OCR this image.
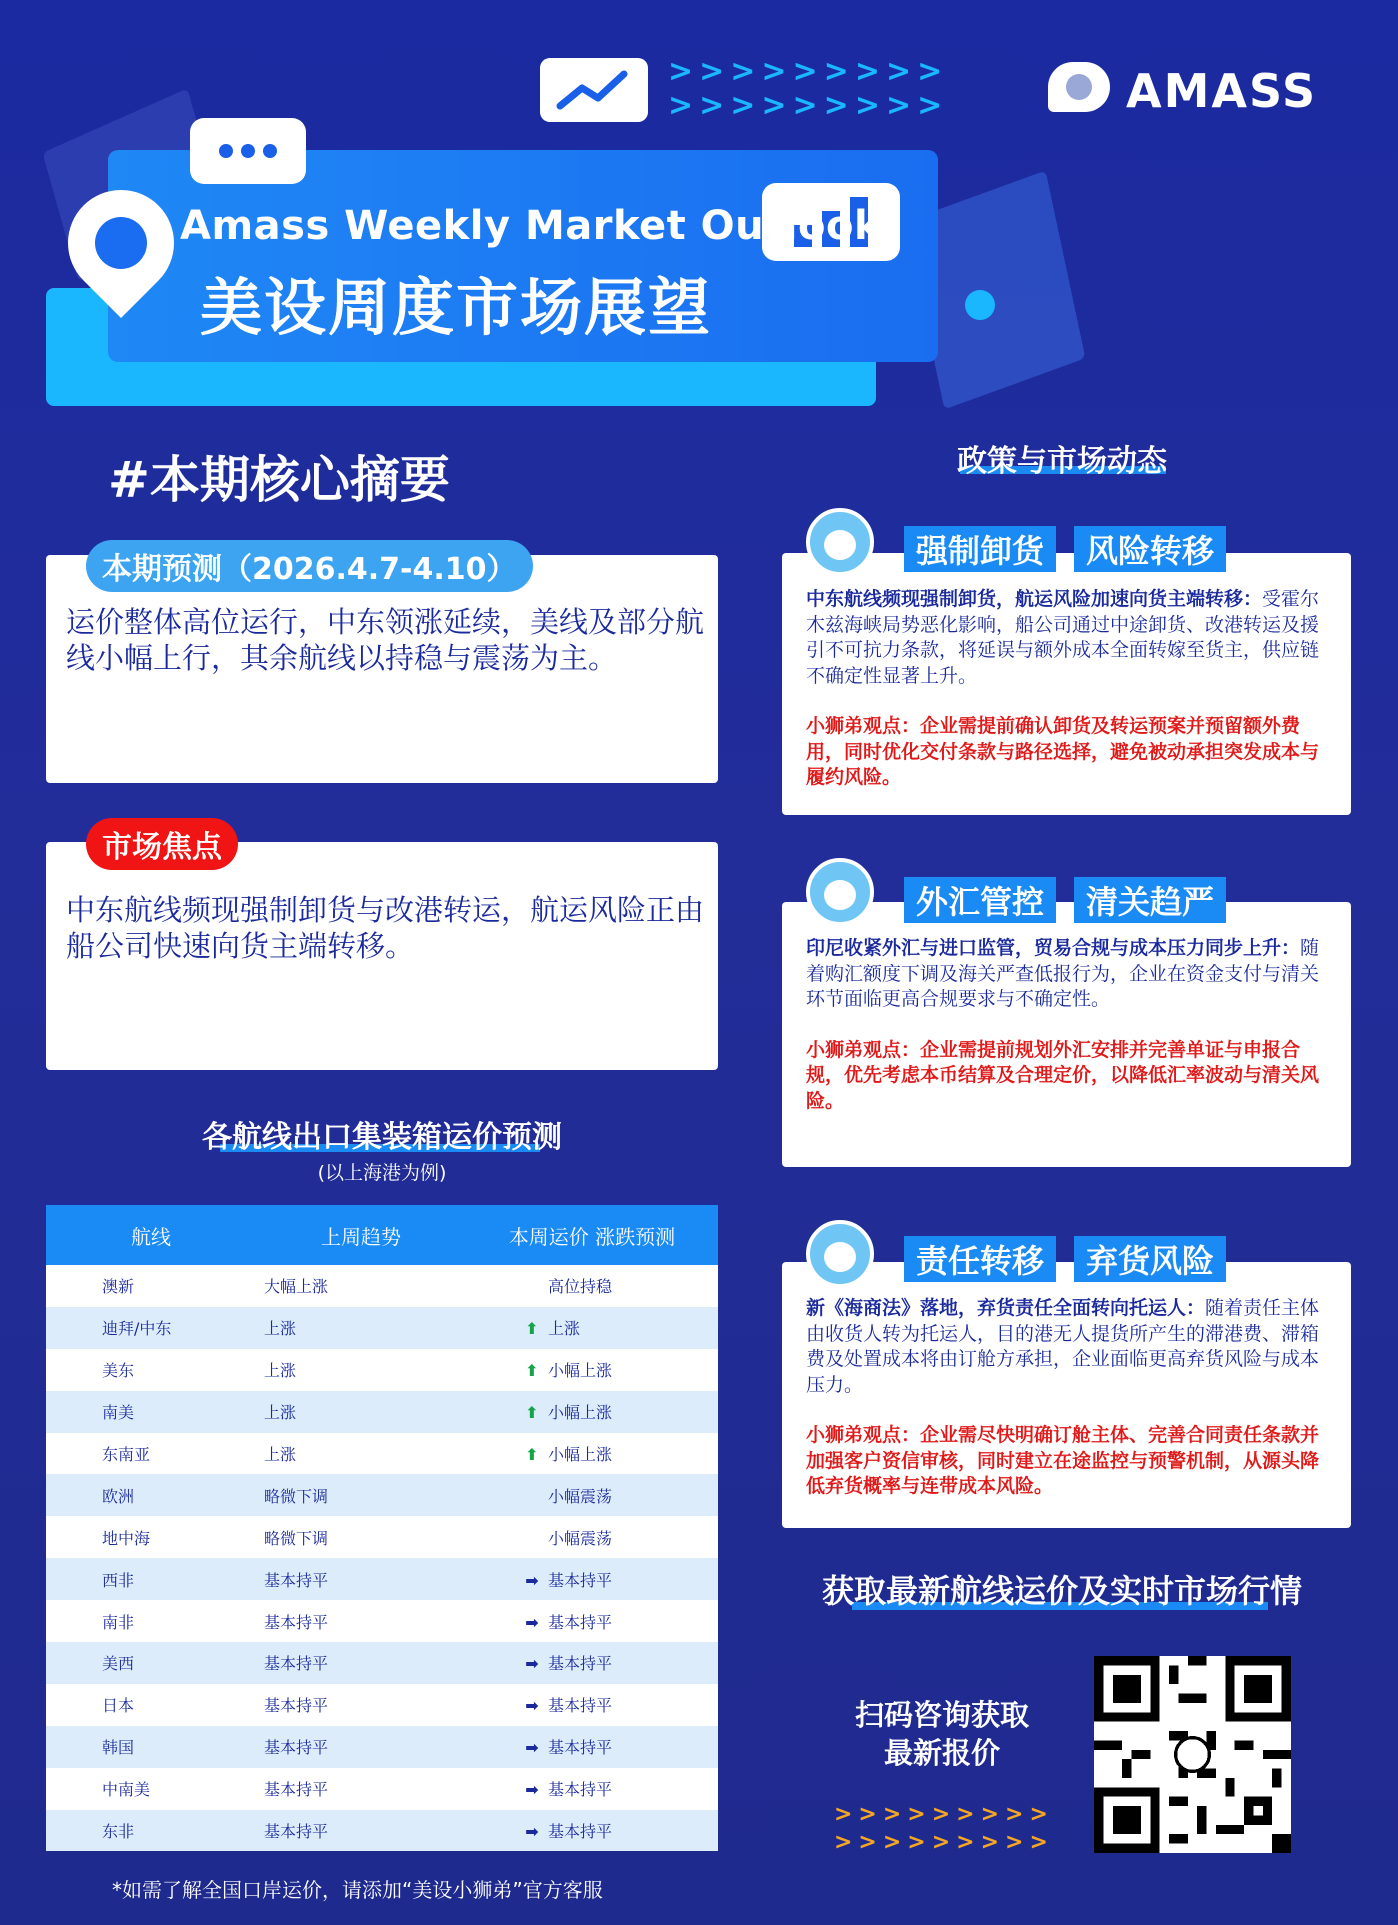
>>>>>>>>>
>>>>>>>>>
Amass Weekly Market Outlook
美设周度市场展望
AMASS
#本期核心摘要
本期预测（2026.4.7-4.10）
运价整体高位运行，中东领涨延续，美线及部分航线小幅上行，其余航线以持稳与震荡为主。
市场焦点
中东航线频现强制卸货与改港转运，航运风险正由船公司快速向货主端转移。
各航线出口集装箱运价预测
(以上海港为例)
航线	上周趋势	本周运价 涨跌预测
澳新	大幅上涨	高位持稳
迪拜/中东	上涨	⬆ 上涨
美东	上涨	⬆ 小幅上涨
南美	上涨	⬆ 小幅上涨
东南亚	上涨	⬆ 小幅上涨
欧洲	略微下调	小幅震荡
地中海	略微下调	小幅震荡
西非	基本持平	➡ 基本持平
南非	基本持平	➡ 基本持平
美西	基本持平	➡ 基本持平
日本	基本持平	➡ 基本持平
韩国	基本持平	➡ 基本持平
中南美	基本持平	➡ 基本持平
东非	基本持平	➡ 基本持平
*如需了解全国口岸运价，请添加“美设小狮弟”官方客服
政策与市场动态
中东航线频现强制卸货，航运风险加速向货主端转移：受霍尔木兹海峡局势恶化影响，船公司通过中途卸货、改港转运及援引不可抗力条款，将延误与额外成本全面转嫁至货主，供应链不确定性显著上升。
小狮弟观点：企业需提前确认卸货及转运预案并预留额外费用，同时优化交付条款与路径选择，避免被动承担突发成本与履约风险。
强制卸货	风险转移
印尼收紧外汇与进口监管，贸易合规与成本压力同步上升：随着购汇额度下调及海关严查低报行为，企业在资金支付与清关环节面临更高合规要求与不确定性。
小狮弟观点：企业需提前规划外汇安排并完善单证与申报合规，优先考虑本币结算及合理定价，以降低汇率波动与清关风险。
外汇管控	清关趋严
新《海商法》落地，弃货责任全面转向托运人：随着责任主体由收货人转为托运人，目的港无人提货所产生的滞港费、滞箱费及处置成本将由订舱方承担，企业面临更高弃货风险与成本压力。
小狮弟观点：企业需尽快明确订舱主体、完善合同责任条款并加强客户资信审核，同时建立在途监控与预警机制，从源头降低弃货概率与连带成本风险。
责任转移	弃货风险
获取最新航线运价及实时市场行情
扫码咨询获取
最新报价
>>>>>>>>>
>>>>>>>>>
